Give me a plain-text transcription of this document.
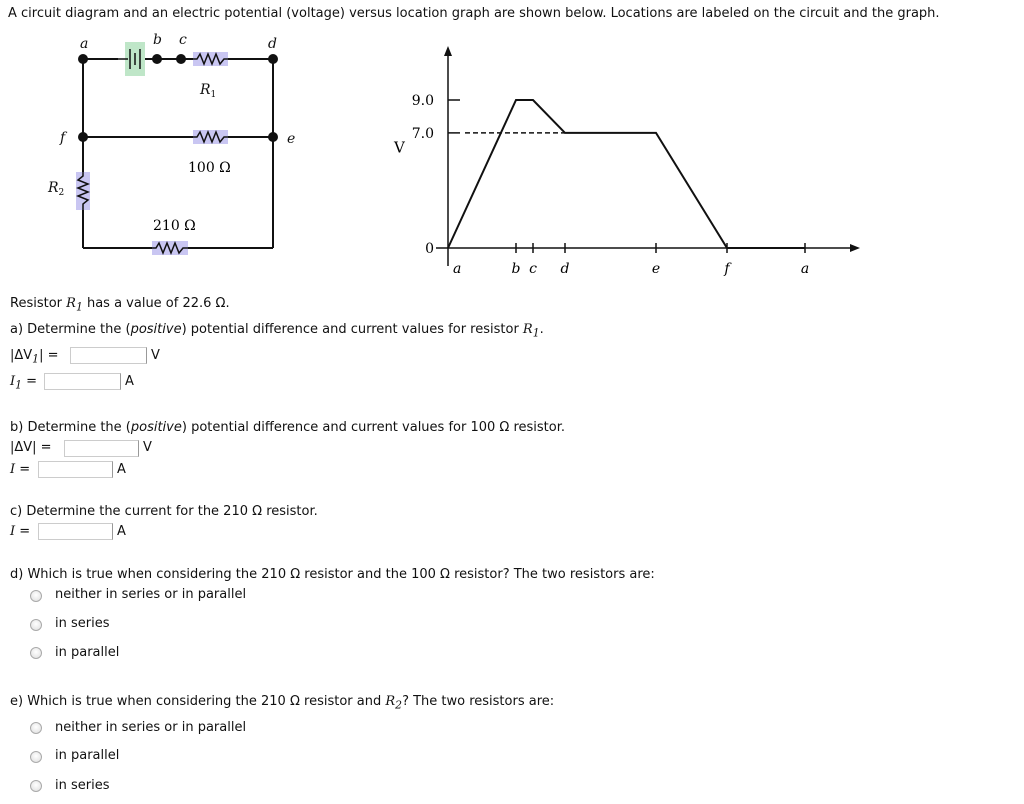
A circuit diagram and an electric potential (voltage) versus location graph are shown below. Locations are labeled on the circuit and the graph.
a	b c	d
e
f
$R_1$
$R_2$
100 Ω
210 Ω
9.0
7.0
0
V
a	b c d	e	f	a
Resistor $R_1$ has a value of 22.6 Ω.
a) Determine the (positive) potential difference and current values for resistor $R_1$.
$|\Delta V_1|$ =	V
$I_1$ =	A
b) Determine the (positive) potential difference and current values for 100 Ω resistor.
|ΔV| =	V
I =	A
c) Determine the current for the 210 Ω resistor.
I =	A
d) Which is true when considering the 210 Ω resistor and the 100 Ω resistor? The two resistors are:
neither in series or in parallel
in series
in parallel
e) Which is true when considering the 210 Ω resistor and $R_2$? The two resistors are:
neither in series or in parallel
in parallel
in series
